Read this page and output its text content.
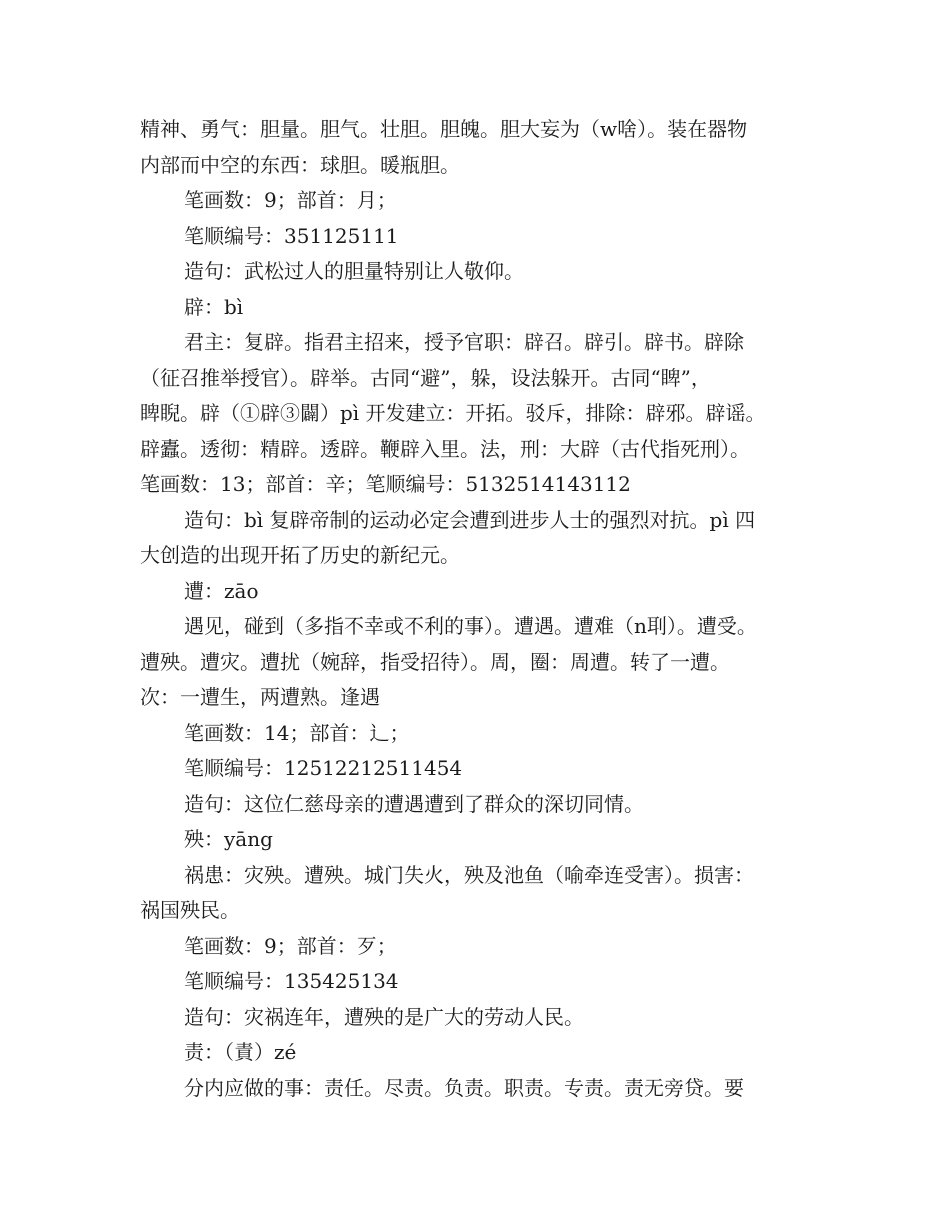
精神、勇气：胆量。胆气。壮胆。胆魄。胆大妄为（w啥）。装在器物

内部而中空的东西：球胆。暖瓶胆。

笔画数：9；部首：月；

笔顺编号：351125111

造句：武松过人的胆量特别让人敬仰。

辟：bì

君主：复辟。指君主招来，授予官职：辟召。辟引。辟书。辟除

（征召推举授官）。辟举。古同“避”，躲，设法躲开。古同“睥”，

睥睨。辟（①辟③闢）pì 开发建立：开拓。驳斥，排除：辟邪。辟谣。

辟蠹。透彻：精辟。透辟。鞭辟入里。法，刑：大辟（古代指死刑）。

笔画数：13；部首：辛；笔顺编号：5132514143112

造句：bì 复辟帝制的运动必定会遭到进步人士的强烈对抗。pì 四

大创造的出现开拓了历史的新纪元。

遭：zāo

遇见，碰到（多指不幸或不利的事）。遭遇。遭难（n刵）。遭受。

遭殃。遭灾。遭扰（婉辞，指受招待）。周，圈：周遭。转了一遭。

次：一遭生，两遭熟。逢遇

笔画数：14；部首：辶；

笔顺编号：12512212511454

造句：这位仁慈母亲的遭遇遭到了群众的深切同情。

殃：yāng

祸患：灾殃。遭殃。城门失火，殃及池鱼（喻牵连受害）。损害：

祸国殃民。

笔画数：9；部首：歹；

笔顺编号：135425134

造句：灾祸连年，遭殃的是广大的劳动人民。

责：（責）zé

分内应做的事：责任。尽责。负责。职责。专责。责无旁贷。要
